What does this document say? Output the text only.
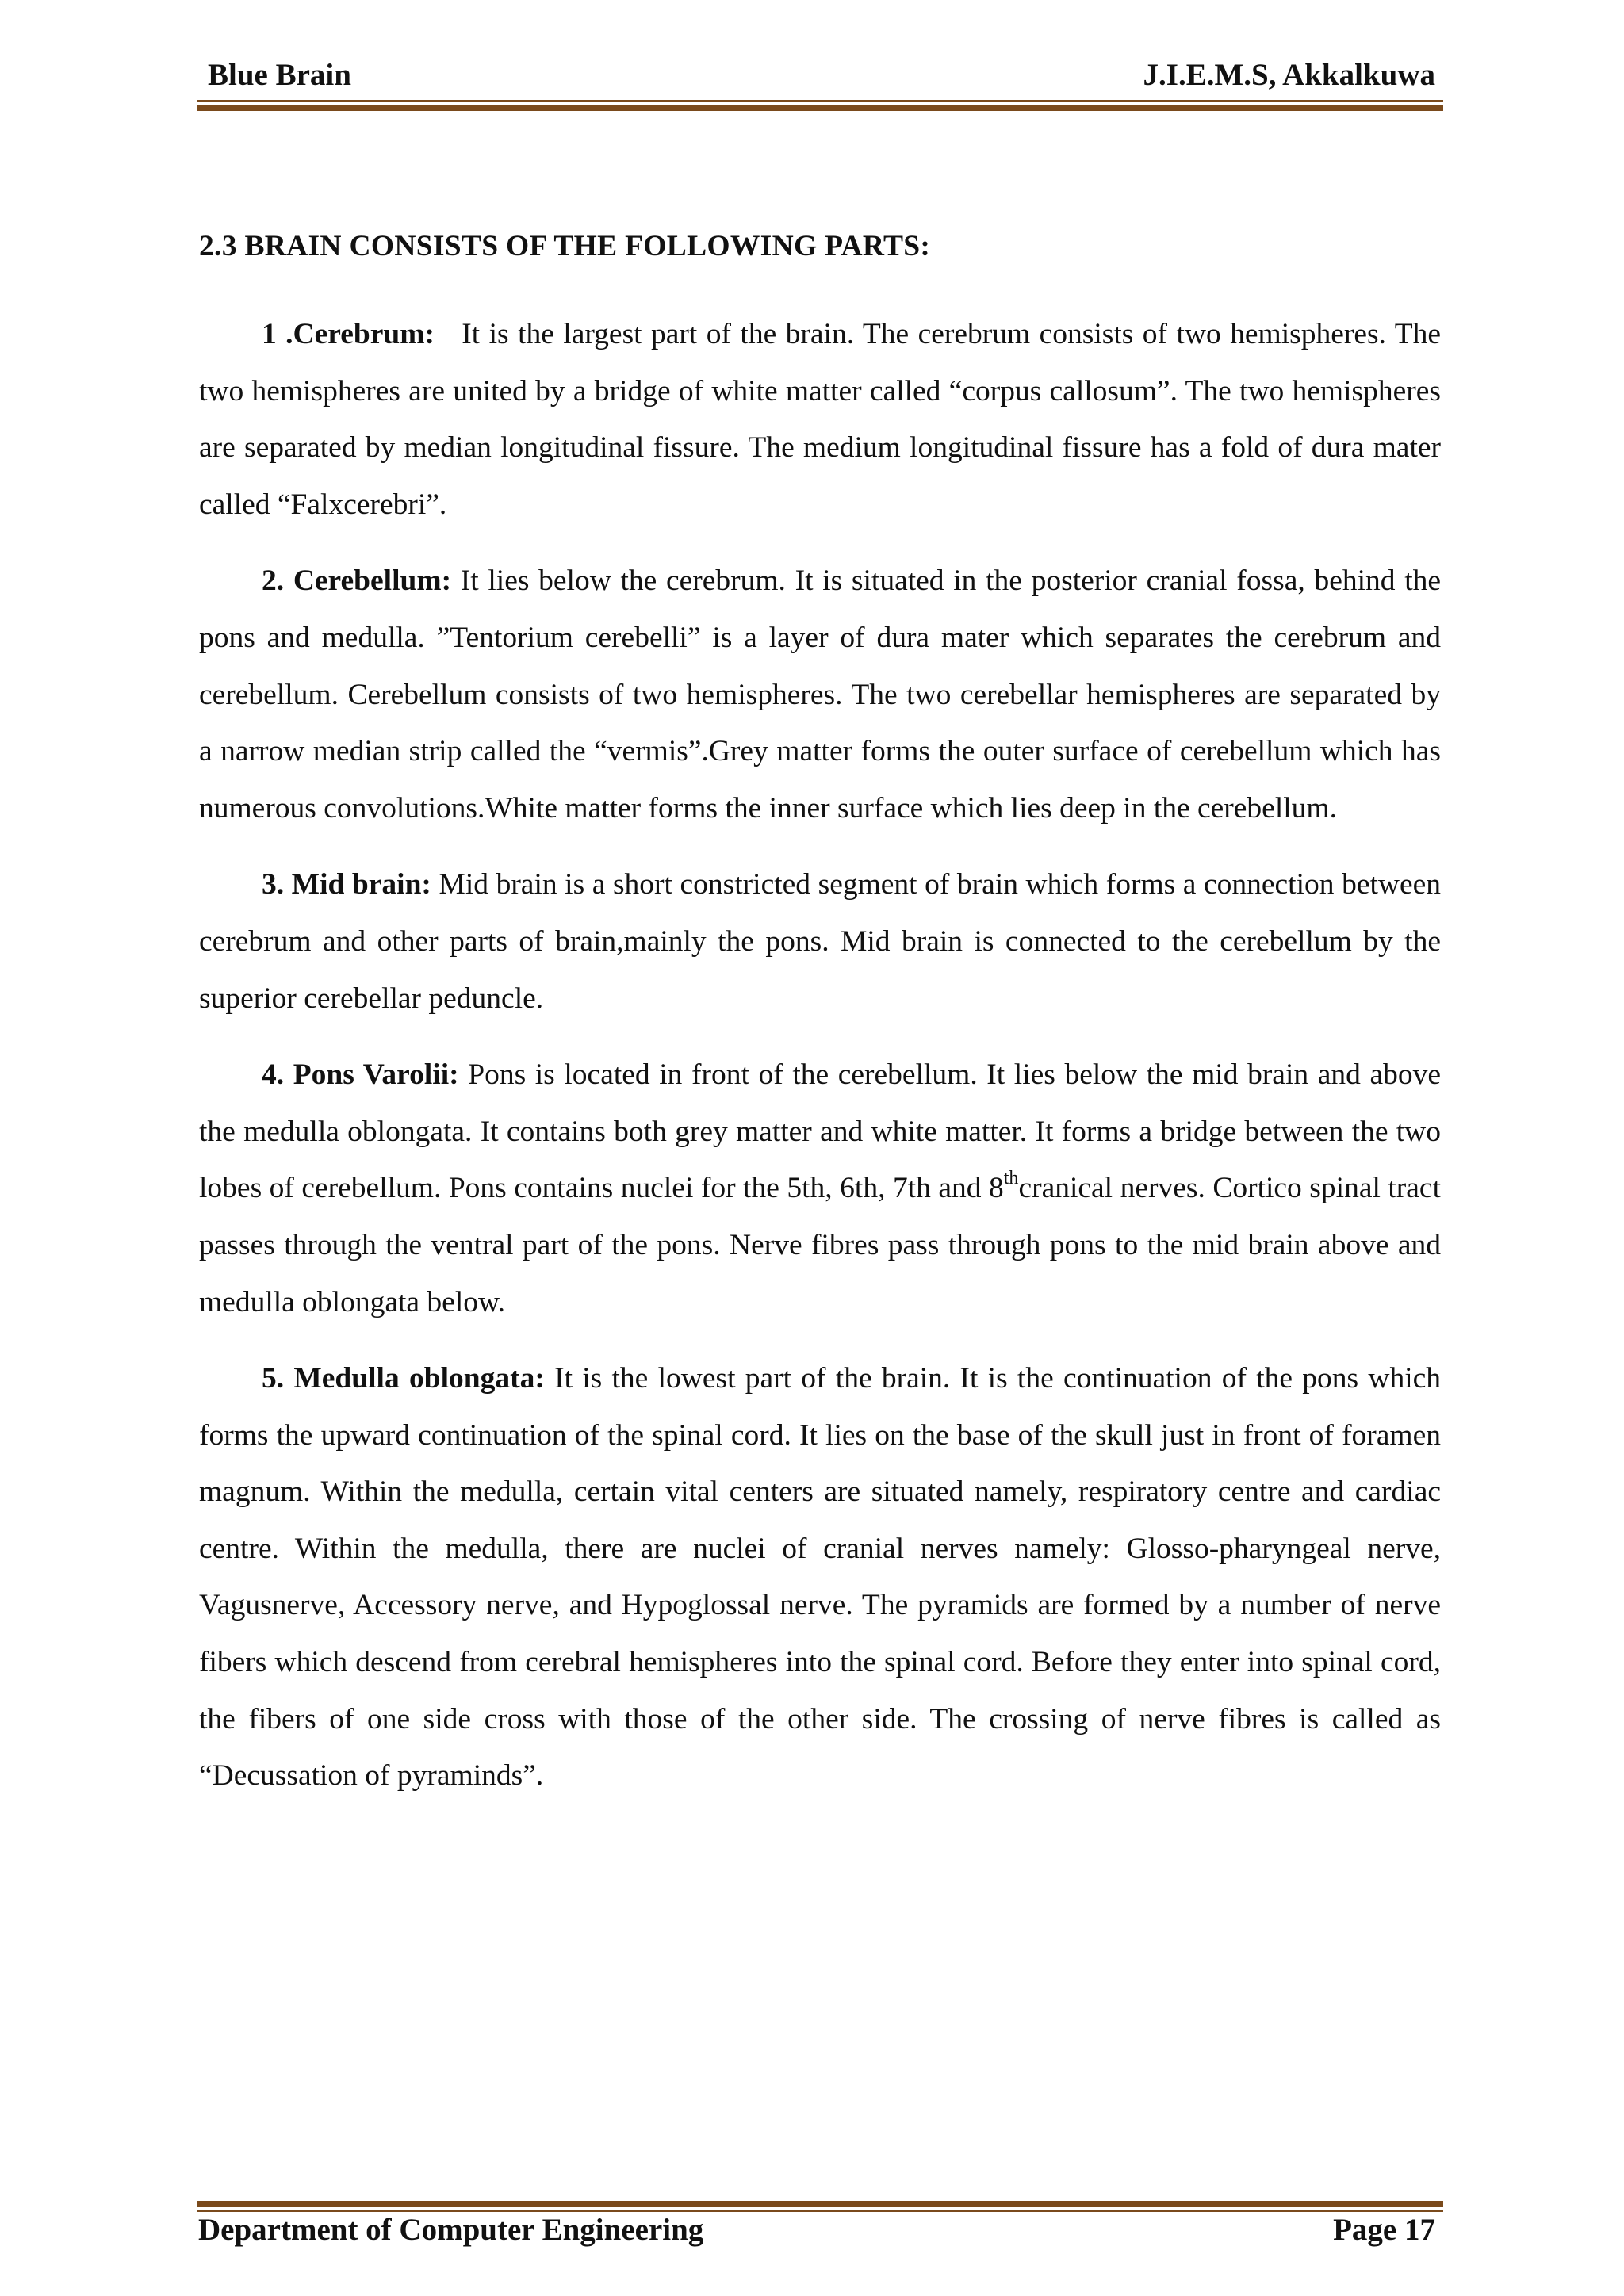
Blue Brain	J.I.E.M.S, Akkalkuwa
2.3 BRAIN CONSISTS OF THE FOLLOWING PARTS:

1 .Cerebrum: It is the largest part of the brain. The cerebrum consists of two hemispheres. The two hemispheres are united by a bridge of white matter called “corpus callosum”. The two hemispheres are separated by median longitudinal fissure. The medium longitudinal fissure has a fold of dura mater called “Falxcerebri”.

2. Cerebellum: It lies below the cerebrum. It is situated in the posterior cranial fossa, behind the pons and medulla. ”Tentorium cerebelli” is a layer of dura mater which separates the cerebrum and cerebellum. Cerebellum consists of two hemispheres. The two cerebellar hemispheres are separated by a narrow median strip called the “vermis”.Grey matter forms the outer surface of cerebellum which has numerous convolutions.White matter forms the inner surface which lies deep in the cerebellum.

3. Mid brain: Mid brain is a short constricted segment of brain which forms a connection between cerebrum and other parts of brain,mainly the pons. Mid brain is connected to the cerebellum by the superior cerebellar peduncle.

4. Pons Varolii: Pons is located in front of the cerebellum. It lies below the mid brain and above the medulla oblongata. It contains both grey matter and white matter. It forms a bridge between the two lobes of cerebellum. Pons contains nuclei for the 5th, 6th, 7th and 8thcranical nerves. Cortico spinal tract passes through the ventral part of the pons. Nerve fibres pass through pons to the mid brain above and medulla oblongata below.

5. Medulla oblongata: It is the lowest part of the brain. It is the continuation of the pons which forms the upward continuation of the spinal cord. It lies on the base of the skull just in front of foramen magnum. Within the medulla, certain vital centers are situated namely, respiratory centre and cardiac centre. Within the medulla, there are nuclei of cranial nerves namely: Glosso-pharyngeal nerve, Vagusnerve, Accessory nerve, and Hypoglossal nerve. The pyramids are formed by a number of nerve fibers which descend from cerebral hemispheres into the spinal cord. Before they enter into spinal cord, the fibers of one side cross with those of the other side. The crossing of nerve fibres is called as “Decussation of pyraminds”.

Department of Computer Engineering	Page 17
